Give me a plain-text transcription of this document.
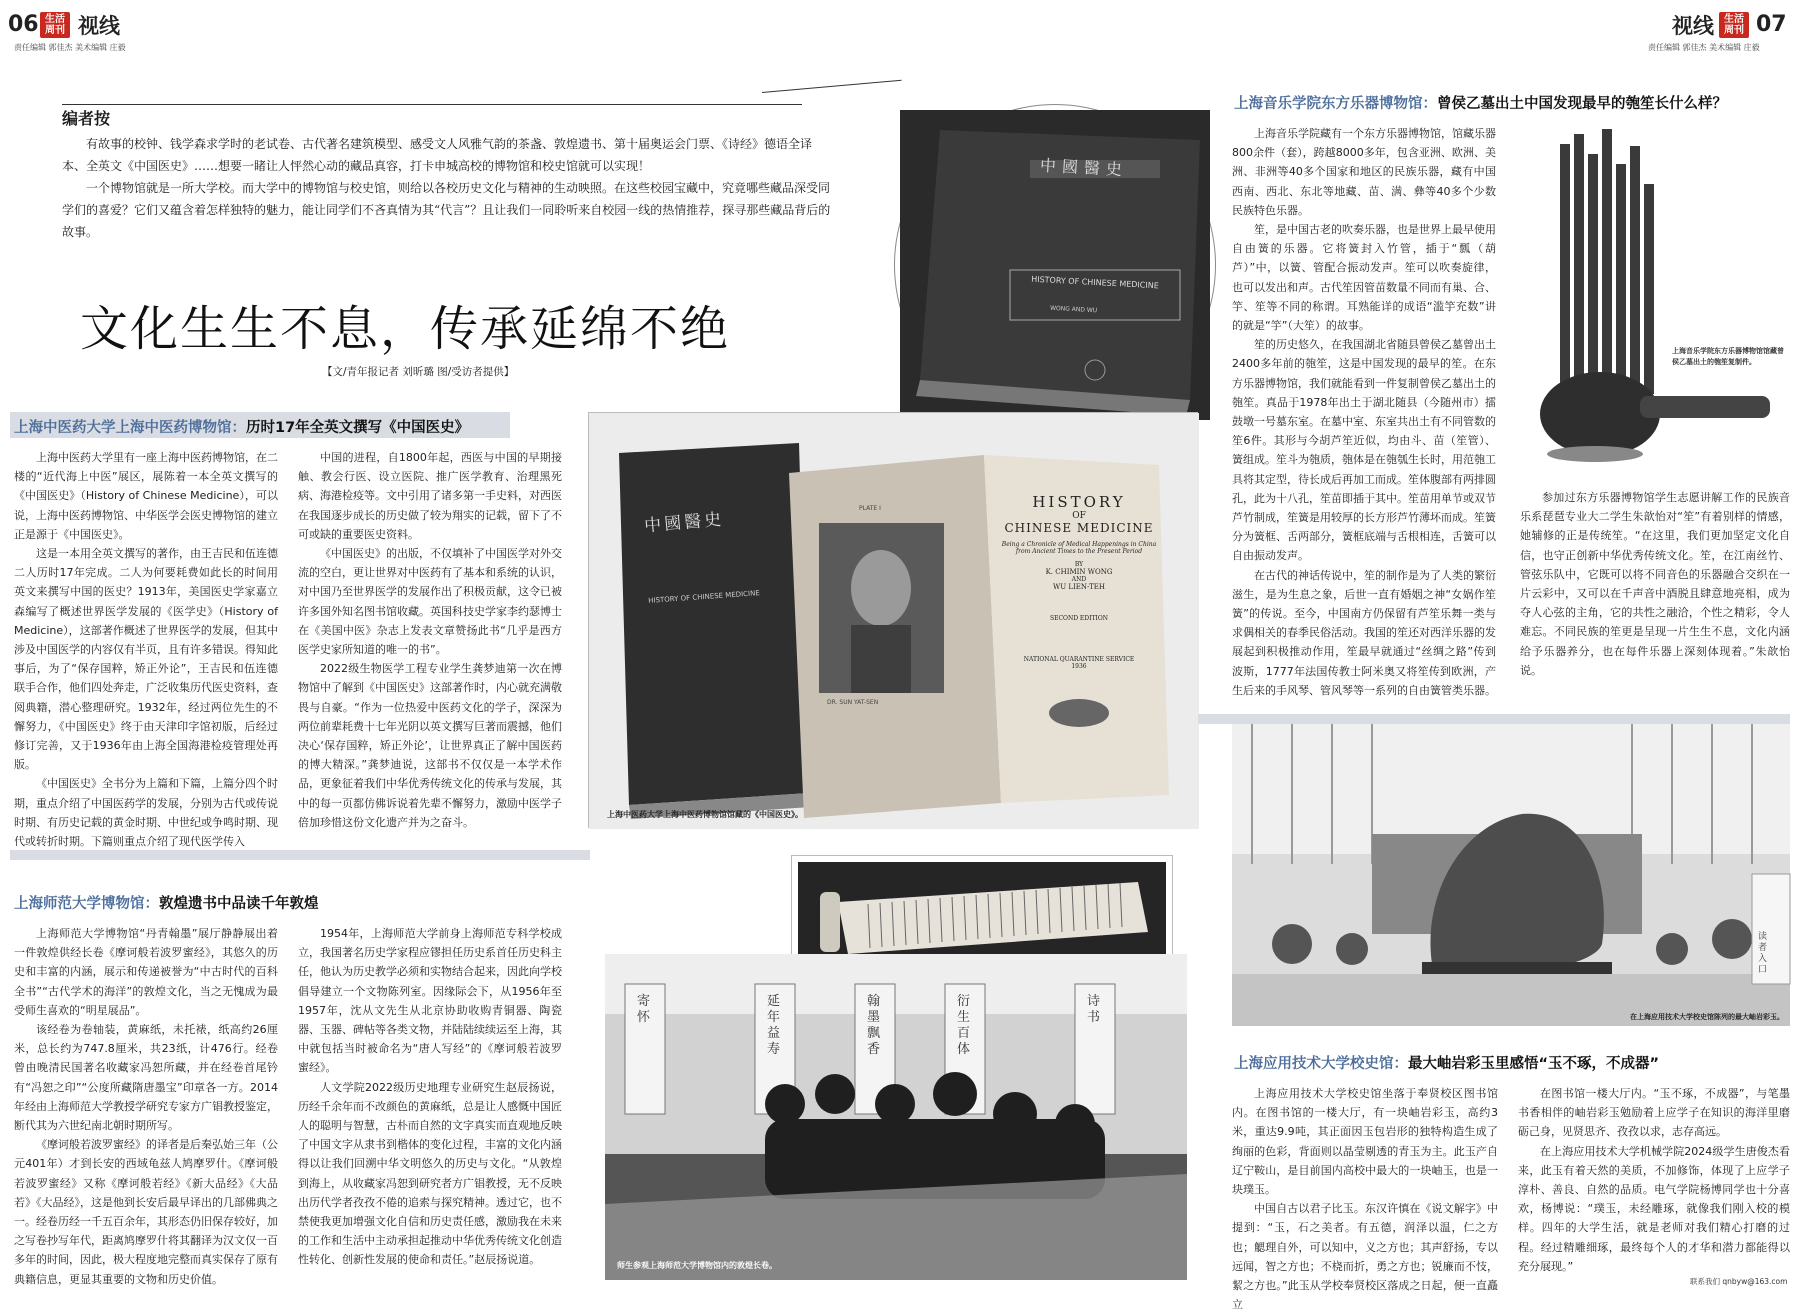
06 生活周刊 视线
责任编辑 郭佳杰 美术编辑 庄毅
视线	生活周刊 07
责任编辑 郭佳杰 美术编辑 庄毅
编者按

有故事的校钟、钱学森求学时的老试卷、古代著名建筑模型、感受文人风雅气韵的茶盏、敦煌遗书、第十届奥运会门票、《诗经》德语全译本、全英文《中国医史》……想要一睹让人怦然心动的藏品真容，打卡申城高校的博物馆和校史馆就可以实现！

一个博物馆就是一所大学校。而大学中的博物馆与校史馆，则给以各校历史文化与精神的生动映照。在这些校园宝藏中，究竟哪些藏品深受同学们的喜爱？它们又蕴含着怎样独特的魅力，能让同学们不吝真情为其“代言”？且让我们一同聆听来自校园一线的热情推荐，探寻那些藏品背后的故事。

文化生生不息，传承延绵不绝
【文/青年报记者 刘昕璐 图/受访者提供】
中國醫史
HISTORY OF CHINESE MEDICINE
WONG AND WU
上海中医药大学上海中医药博物馆：历时17年全英文撰写《中国医史》

上海中医药大学里有一座上海中医药博物馆，在二楼的“近代海上中医”展区，展陈着一本全英文撰写的《中国医史》（History of Chinese Medicine），可以说，上海中医药博物馆、中华医学会医史博物馆的建立正是源于《中国医史》。

这是一本用全英文撰写的著作，由王吉民和伍连德二人历时17年完成。二人为何要耗费如此长的时间用英文来撰写中国的医史？1913年，美国医史学家嘉立森编写了概述世界医学发展的《医学史》（History of Medicine），这部著作概述了世界医学的发展，但其中涉及中国医学的内容仅有半页，且有许多错误。得知此事后，为了“保存国粹，矫正外论”，王吉民和伍连德联手合作，他们四处奔走，广泛收集历代医史资料，查阅典籍，潜心整理研究。1932年，经过两位先生的不懈努力，《中国医史》终于由天津印字馆初版，后经过修订完善，又于1936年由上海全国海港检疫管理处再版。

《中国医史》全书分为上篇和下篇，上篇分四个时期，重点介绍了中国医药学的发展，分别为古代或传说时期、有历史记载的黄金时期、中世纪或争鸣时期、现代或转折时期。下篇则重点介绍了现代医学传入

中国的进程，自1800年起，西医与中国的早期接触、教会行医、设立医院、推广医学教育、治理黑死病、海港检疫等。文中引用了诸多第一手史料，对西医在我国逐步成长的历史做了较为翔实的记载，留下了不可或缺的重要医史资料。

《中国医史》的出版，不仅填补了中国医学对外交流的空白，更让世界对中医药有了基本和系统的认识，对中国乃至世界医学的发展作出了积极贡献，这令已被许多国外知名图书馆收藏。英国科技史学家李约瑟博士在《美国中医》杂志上发表文章赞扬此书“几乎是西方医学史家所知道的唯一的书”。

2022级生物医学工程专业学生龚梦迪第一次在博物馆中了解到《中国医史》这部著作时，内心就充满敬畏与自豪。“作为一位热爱中医药文化的学子，深深为两位前辈耗费十七年光阴以英文撰写巨著而震撼，他们决心‘保存国粹，矫正外论’，让世界真正了解中国医药的博大精深。”龚梦迪说，这部书不仅仅是一本学术作品，更象征着我们中华优秀传统文化的传承与发展，其中的每一页都仿佛诉说着先辈不懈努力，激励中医学子倍加珍惜这份文化遗产并为之奋斗。

中國醫史
HISTORY OF CHINESE MEDICINE
PLATE I
DR. SUN YAT-SEN
HISTORY
OF
CHINESE MEDICINE
Being a Chronicle of Medical Happenings in China from Ancient Times to the Present Period
BY
K. CHIMIN WONG
AND
WU LIEN-TEH
SECOND EDITION
NATIONAL QUARANTINE SERVICE
1936
上海中医药大学上海中医药博物馆馆藏的《中国医史》。
上海音乐学院东方乐器博物馆：曾侯乙墓出土中国发现最早的匏笙长什么样？

上海音乐学院藏有一个东方乐器博物馆，馆藏乐器800余件（套），跨越8000多年，包含亚洲、欧洲、美洲、非洲等40多个国家和地区的民族乐器，藏有中国西南、西北、东北等地藏、苗、满、彝等40多个少数民族特色乐器。

笙，是中国古老的吹奏乐器，也是世界上最早使用自由簧的乐器。它将簧封入竹管，插于“瓢（葫芦）”中，以簧、管配合振动发声。笙可以吹奏旋律，也可以发出和声。古代笙因管苗数量不同而有巢、合、竽、笙等不同的称谓。耳熟能详的成语“滥竽充数”讲的就是“竽”（大笙）的故事。

笙的历史悠久，在我国湖北省随县曾侯乙墓曾出土2400多年前的匏笙，这是中国发现的最早的笙。在东方乐器博物馆，我们就能看到一件复制曾侯乙墓出土的匏笙。真品于1978年出土于湖北随县（今随州市）擂鼓墩一号墓东室。在墓中室、东室共出土有不同管数的笙6件。其形与今胡芦笙近似，均由斗、苗（笙管）、簧组成。笙斗为匏质，匏体是在匏瓠生长时，用范匏工具将其定型，待长成后再加工而成。笙体腹部有两排圆孔，此为十八孔，笙苗即插于其中。笙苗用单节或双节芦竹制成，笙簧是用较厚的长方形芦竹薄坏而成。笙簧分为簧框、舌两部分，簧框底端与舌根相连，舌簧可以自由振动发声。

在古代的神话传说中，笙的制作是为了人类的繁衍滋生，是为生息之象，后世一直有婚姻之神“女娲作笙簧”的传说。至今，中国南方仍保留有芦笙乐舞一类与求偶相关的春季民俗活动。我国的笙还对西洋乐器的发展起到积极推动作用，笙最早就通过“丝绸之路”传到波斯，1777年法国传教士阿米奥又将笙传到欧洲，产生后来的手风琴、管风琴等一系列的自由簧管类乐器。

上海音乐学院东方乐器博物馆馆藏曾侯乙墓出土的匏笙复制件。

参加过东方乐器博物馆学生志愿讲解工作的民族音乐系琵琶专业大二学生朱歆怡对“笙”有着别样的情感，她辅修的正是传统笙。“在这里，我们更加坚定文化自信，也守正创新中华优秀传统文化。笙，在江南丝竹、管弦乐队中，它既可以将不同音色的乐器融合交织在一片云彩中，又可以在千声音中酒脱且肆意地亮相，成为夺人心弦的主角，它的共性之融洽，个性之精彩，令人难忘。不同民族的笙更是呈现一片生生不息，文化内涵给予乐器养分，也在每件乐器上深刻体现着。”朱歆怡说。

上海师范大学博物馆：敦煌遗书中品读千年敦煌

上海师范大学博物馆“丹青翰墨”展厅静静展出着一件敦煌供经长卷《摩诃般若波罗蜜经》，其悠久的历史和丰富的内涵，展示和传递被誉为“中古时代的百科全书”“古代学术的海洋”的敦煌文化，当之无愧成为最受师生喜欢的“明星展品”。

该经卷为卷轴装，黄麻纸，未托裱，纸高约26厘米，总长约为747.8厘米，共23纸，计476行。经卷曾由晚清民国著名收藏家冯恕所藏，并在经卷首尾钤有“冯恕之印”“公度所藏隋唐墨宝”印章各一方。2014年经由上海师范大学教授学研究专家方广锠教授鉴定，断代其为六世纪南北朝时期所写。

《摩诃般若波罗蜜经》的译者是后秦弘始三年（公元401年）才到长安的西域龟兹人鸠摩罗什。《摩诃般若波罗蜜经》又称《摩诃般若经》《新大品经》《大品若》《大品经》，这是他到长安后最早译出的几部佛典之一。经卷历经一千五百余年，其形态仍旧保存较好，加之写卷抄写年代，距离鸠摩罗什将其翻译为汉文仅一百多年的时间，因此，极大程度地完整而真实保存了原有典籍信息，更显其重要的文物和历史价值。

1954年，上海师范大学前身上海师范专科学校成立，我国著名历史学家程应镠担任历史系首任历史科主任，他认为历史教学必须和实物结合起来，因此向学校倡导建立一个文物陈列室。因缘际会下，从1956年至1957年，沈从文先生从北京协助收购青铜器、陶瓷器、玉器、碑帖等各类文物，并陆陆续续运至上海，其中就包括当时被命名为“唐人写经”的《摩诃般若波罗蜜经》。

人文学院2022级历史地理专业研究生赵辰扬说，历经千余年而不改颜色的黄麻纸，总是让人感慨中国匠人的聪明与智慧，古朴而自然的文字真实而直观地反映了中国文字从隶书到楷体的变化过程，丰富的文化内涵得以让我们回溯中华文明悠久的历史与文化。“从敦煌到海上，从收藏家冯恕到研究者方广锠教授，无不反映出历代学者孜孜不倦的追索与探究精神。透过它，也不禁使我更加增强文化自信和历史责任感，激励我在未来的工作和生活中主动承担起推动中华优秀传统文化创造性转化、创新性发展的使命和责任。”赵辰扬说道。

寄怀
延年益寿
翰墨飘香
衍生百体
诗书
师生参观上海师范大学博物馆内的敦煌长卷。
读者入口
在上海应用技术大学校史馆陈列的最大岫岩彩玉。
上海应用技术大学校史馆：最大岫岩彩玉里感悟“玉不琢，不成器”

上海应用技术大学校史馆坐落于奉贤校区图书馆内。在图书馆的一楼大厅，有一块岫岩彩玉，高约3米，重达9.9吨，其正面因玉包岩形的独特构造生成了绚丽的色彩，背面则以晶莹剔透的青玉为主。此玉产自辽宁鞍山，是目前国内高校中最大的一块岫玉，也是一块璞玉。

中国自古以君子比玉。东汉许慎在《说文解字》中提到：“玉，石之美者。有五德，润泽以温，仁之方也；䚡理自外，可以知中，义之方也；其声舒扬，专以远闻，智之方也；不桡而折，勇之方也；锐廉而不忮，絜之方也。”此玉从学校奉贤校区落成之日起，便一直矗立

在图书馆一楼大厅内。“玉不琢，不成器”，与笔墨书香相伴的岫岩彩玉勉励着上应学子在知识的海洋里磨砺己身，见贤思齐、孜孜以求，志存高远。

在上海应用技术大学机械学院2024级学生唐俊杰看来，此玉有着天然的美质，不加修饰，体现了上应学子淳朴、善良、自然的品质。电气学院杨博同学也十分喜欢，杨博说：“璞玉，未经雕琢，就像我们刚入校的模样。四年的大学生活，就是老师对我们精心打磨的过程。经过精雕细琢，最终每个人的才华和潜力都能得以充分展现。”

联系我们 qnbyw@163.com
